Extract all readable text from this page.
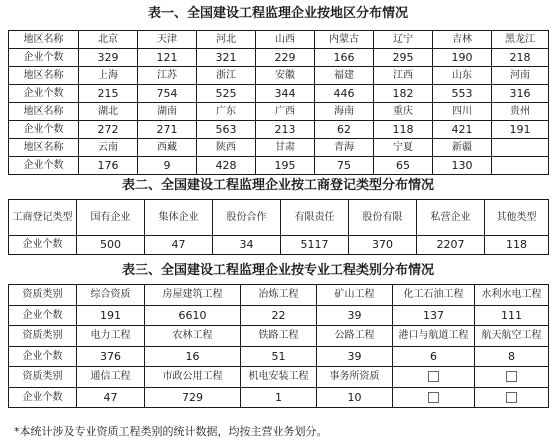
表一、全国建设工程监理企业按地区分布情况
地区名称	北京	天津	河北	山西	内蒙古	辽宁	吉林	黑龙江
企业个数	329	121	321	229	166	295	190	218
地区名称	上海	江苏	浙江	安徽	福建	江西	山东	河南
企业个数	215	754	525	344	446	182	553	316
地区名称	湖北	湖南	广东	广西	海南	重庆	四川	贵州
企业个数	272	271	563	213	62	118	421	191
地区名称	云南	西藏	陕西	甘肃	青海	宁夏	新疆	
企业个数	176	9	428	195	75	65	130	
表二、全国建设工程监理企业按工商登记类型分布情况
工商登记类型	国有企业	集体企业	股份合作	有限责任	股份有限	私营企业	其他类型
企业个数	500	47	34	5117	370	2207	118
表三、全国建设工程监理企业按专业工程类别分布情况
资质类别	综合资质	房屋建筑工程	冶炼工程	矿山工程	化工石油工程	水利水电工程
企业个数	191	6610	22	39	137	111
资质类别	电力工程	农林工程	铁路工程	公路工程	港口与航道工程	航天航空工程
企业个数	376	16	51	39	6	8
资质类别	通信工程	市政公用工程	机电安装工程	事务所资质		
企业个数	47	729	1	10		
*本统计涉及专业资质工程类别的统计数据，均按主营业务划分。
